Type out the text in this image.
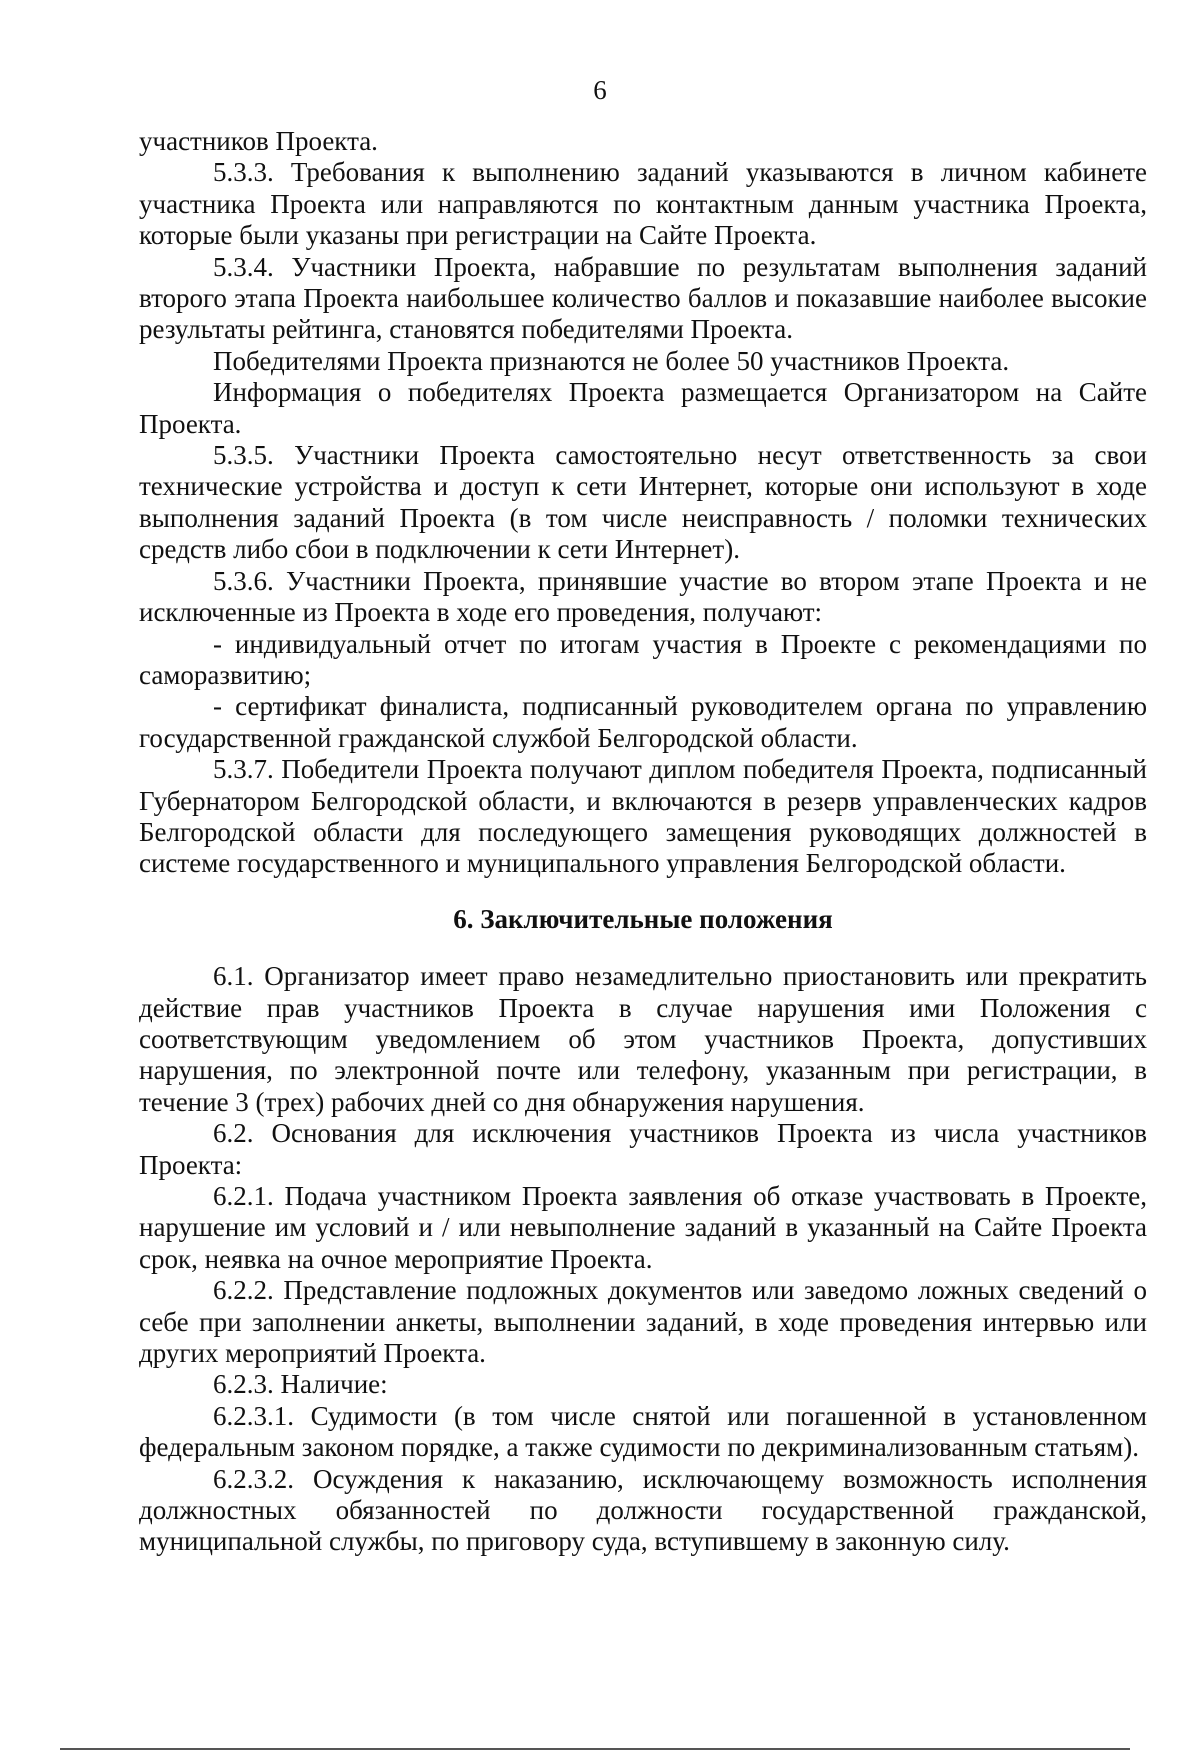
6

участников Проекта.

5.3.3. Требования к выполнению заданий указываются в личном кабинете участника Проекта или направляются по контактным данным участника Проекта, которые были указаны при регистрации на Сайте Проекта.

5.3.4. Участники Проекта, набравшие по результатам выполнения заданий второго этапа Проекта наибольшее количество баллов и показавшие наиболее высокие результаты рейтинга, становятся победителями Проекта.

Победителями Проекта признаются не более 50 участников Проекта.

Информация о победителях Проекта размещается Организатором на Сайте Проекта.

5.3.5. Участники Проекта самостоятельно несут ответственность за свои технические устройства и доступ к сети Интернет, которые они используют в ходе выполнения заданий Проекта (в том числе неисправность / поломки технических средств либо сбои в подключении к сети Интернет).

5.3.6. Участники Проекта, принявшие участие во втором этапе Проекта и не исключенные из Проекта в ходе его проведения, получают:

- индивидуальный отчет по итогам участия в Проекте с рекомендациями по саморазвитию;

- сертификат финалиста, подписанный руководителем органа по управлению государственной гражданской службой Белгородской области.

5.3.7. Победители Проекта получают диплом победителя Проекта, подписанный Губернатором Белгородской области, и включаются в резерв управленческих кадров Белгородской области для последующего замещения руководящих должностей в системе государственного и муниципального управления Белгородской области.

6. Заключительные положения

6.1. Организатор имеет право незамедлительно приостановить или прекратить действие прав участников Проекта в случае нарушения ими Положения с соответствующим уведомлением об этом участников Проекта, допустивших нарушения, по электронной почте или телефону, указанным при регистрации, в течение 3 (трех) рабочих дней со дня обнаружения нарушения.

6.2. Основания для исключения участников Проекта из числа участников Проекта:

6.2.1. Подача участником Проекта заявления об отказе участвовать в Проекте, нарушение им условий и / или невыполнение заданий в указанный на Сайте Проекта срок, неявка на очное мероприятие Проекта.

6.2.2. Представление подложных документов или заведомо ложных сведений о себе при заполнении анкеты, выполнении заданий, в ходе проведения интервью или других мероприятий Проекта.

6.2.3. Наличие:

6.2.3.1. Судимости (в том числе снятой или погашенной в установленном федеральным законом порядке, а также судимости по декриминализованным статьям).

6.2.3.2. Осуждения к наказанию, исключающему возможность исполнения должностных обязанностей по должности государственной гражданской, муниципальной службы, по приговору суда, вступившему в законную силу.
